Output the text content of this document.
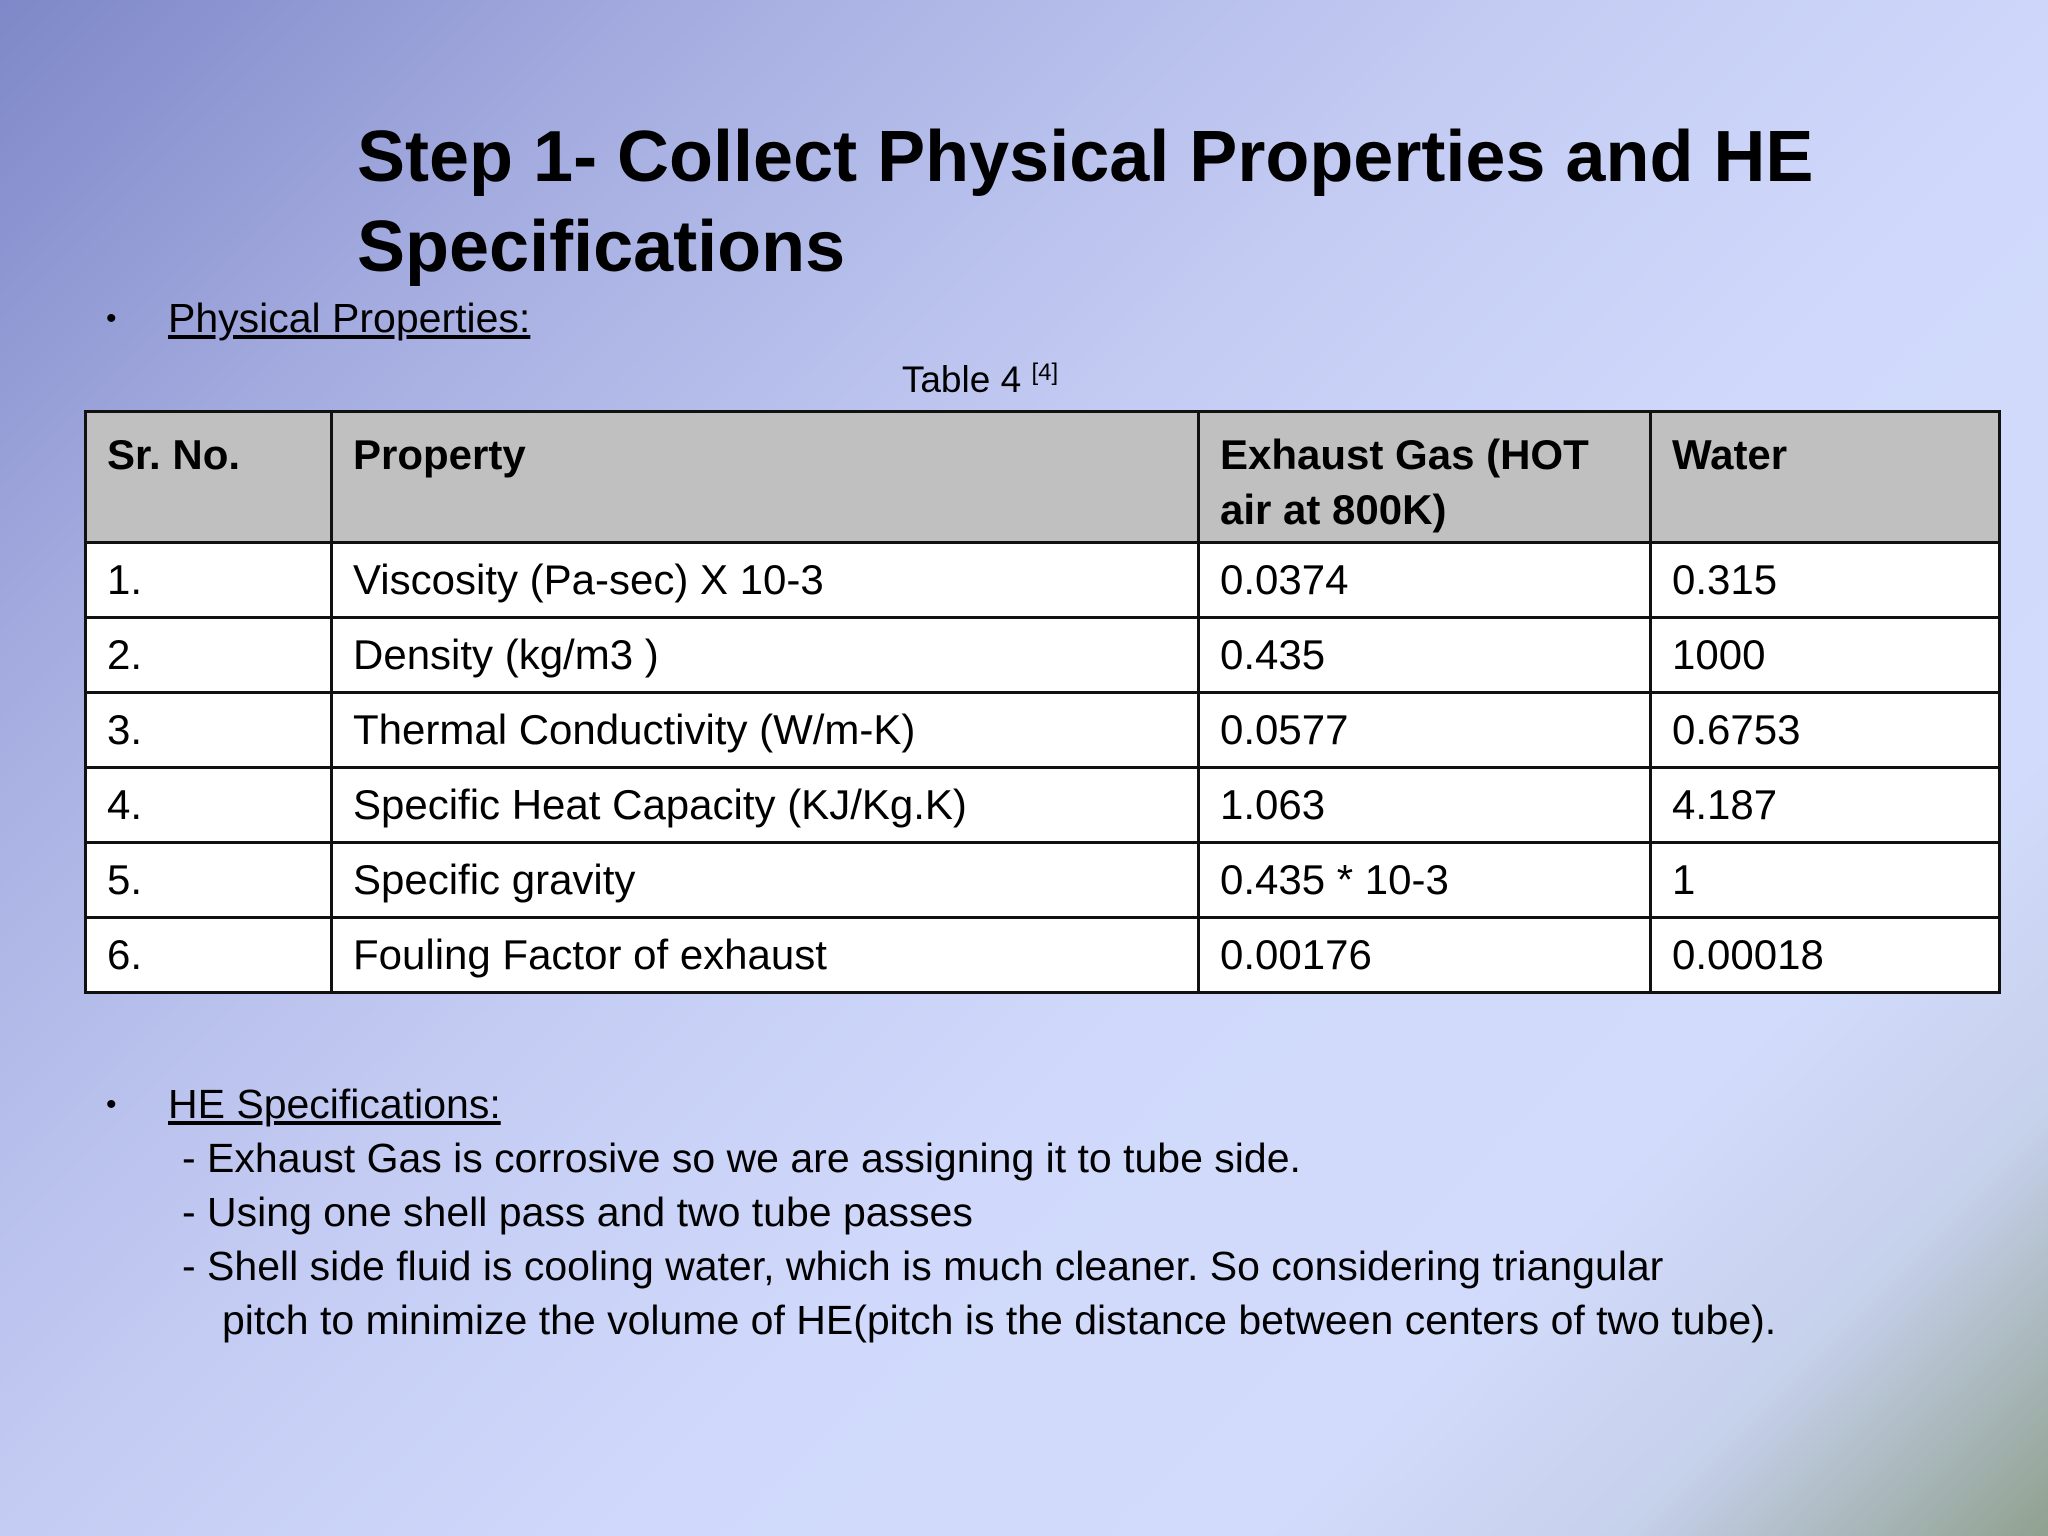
Step 1- Collect Physical Properties and HE Specifications
• Physical Properties:
Table 4 [4]
Sr. No.	Property	Exhaust Gas (HOT air at 800K)	Water
1.	Viscosity (Pa-sec) X 10-3	0.0374	0.315
2.	Density (kg/m3 )	0.435	1000
3.	Thermal Conductivity (W/m-K)	0.0577	0.6753
4.	Specific Heat Capacity (KJ/Kg.K)	1.063	4.187
5.	Specific gravity	0.435 * 10-3	1
6.	Fouling Factor of exhaust	0.00176	0.00018
• HE Specifications:
- Exhaust Gas is corrosive so we are assigning it to tube side.
- Using one shell pass and two tube passes
- Shell side fluid is cooling water, which is much cleaner. So considering triangular
pitch to minimize the volume of HE(pitch is the distance between centers of two tube).
